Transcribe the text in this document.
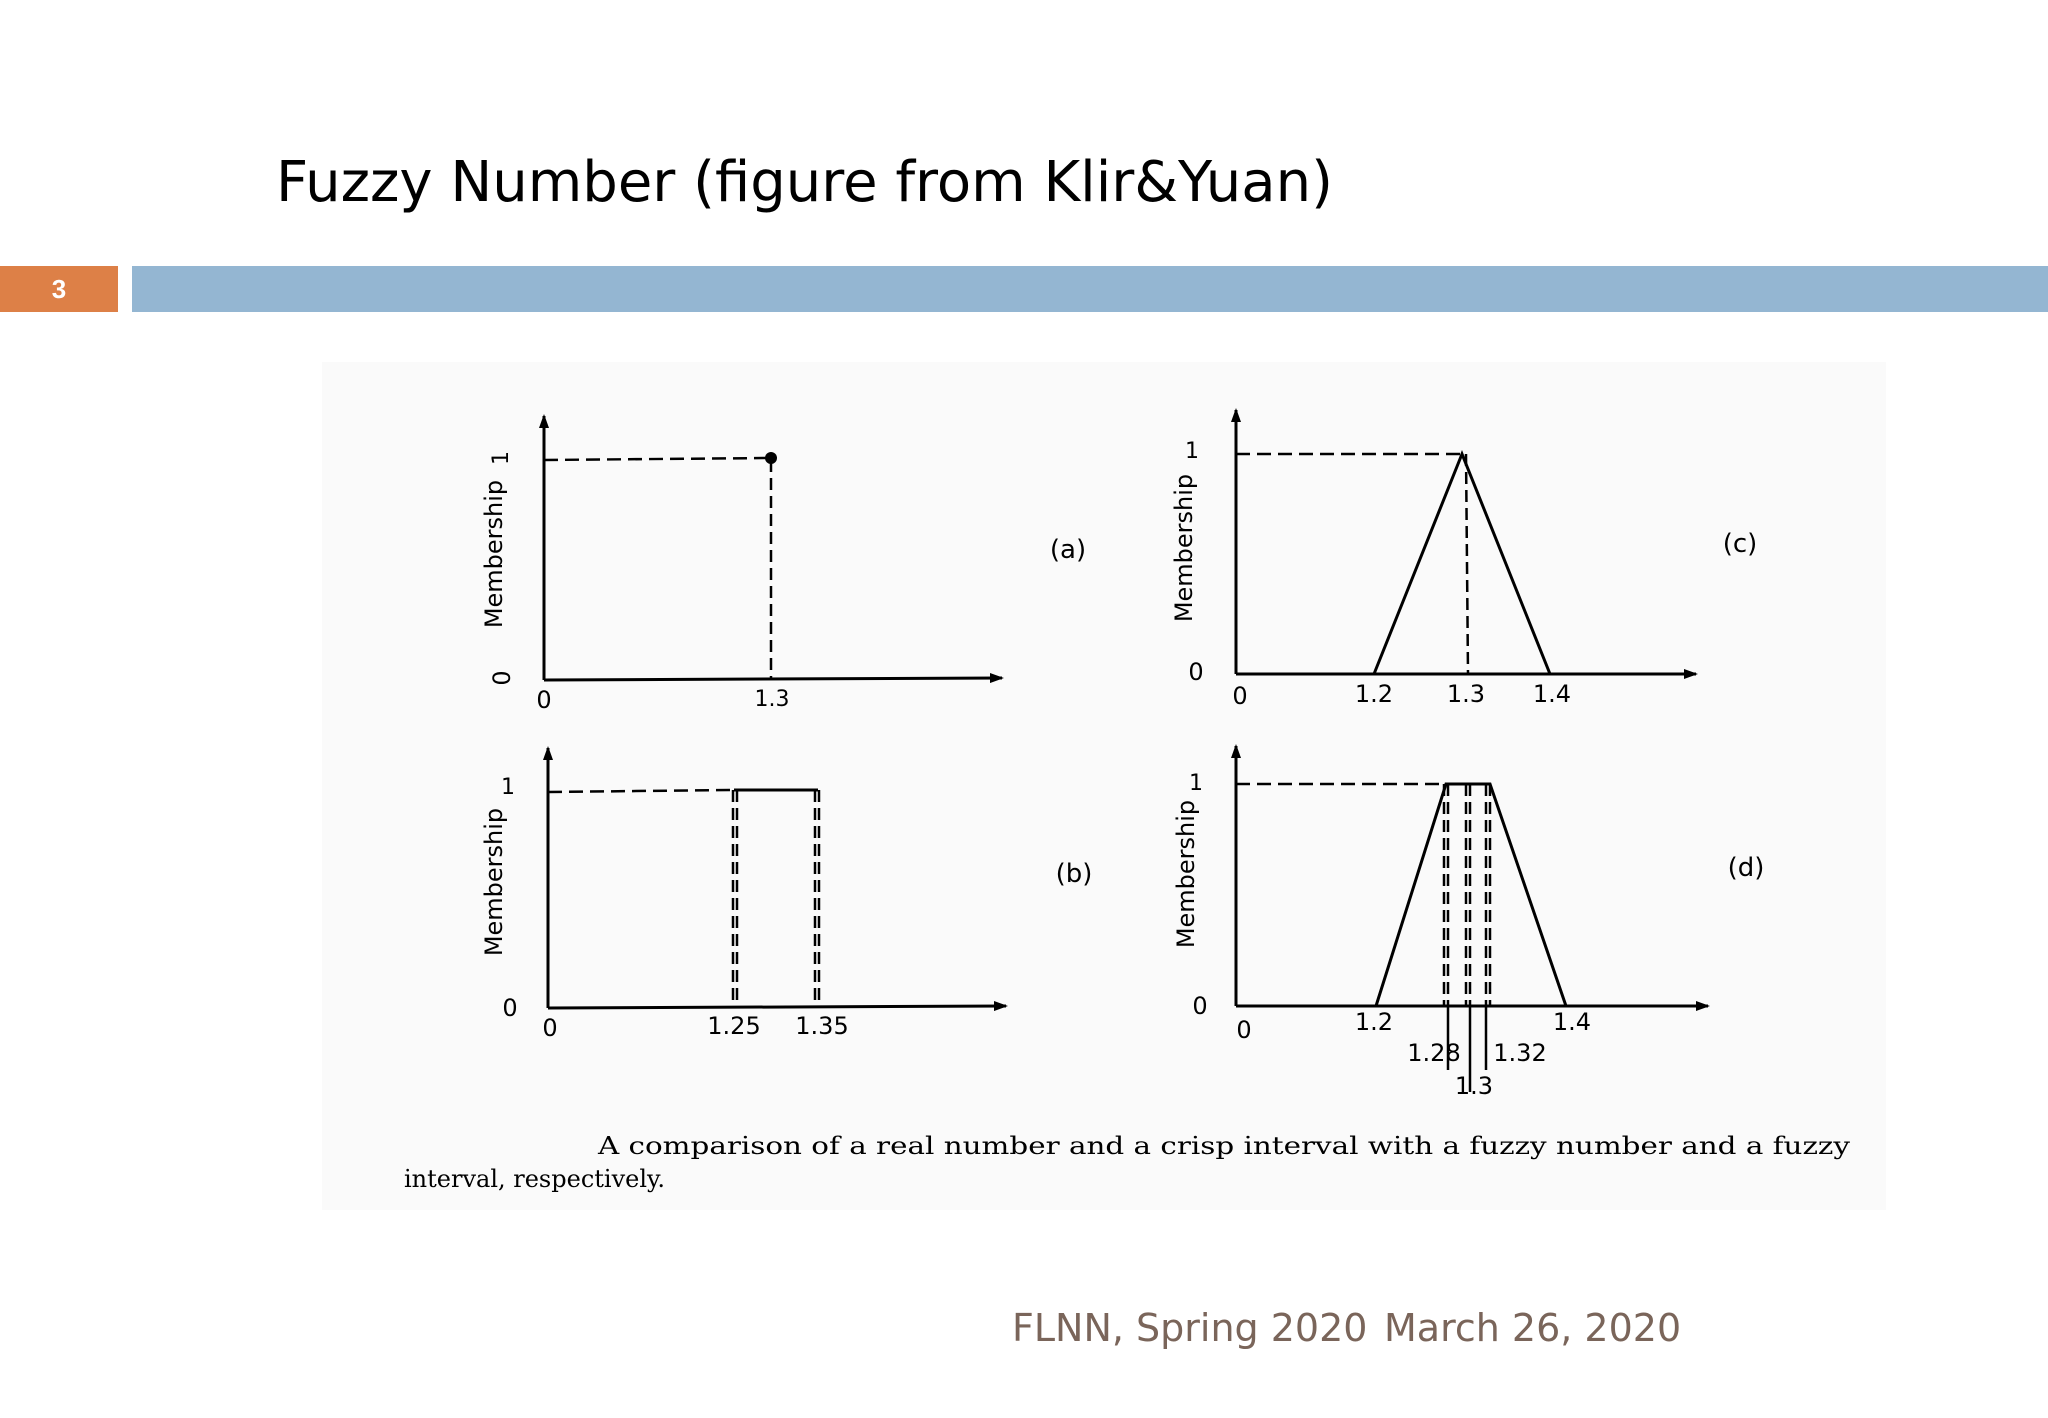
Fuzzy Number (figure from Klir&Yuan)
3
Membership
1
0
0	1.3
(a)
Membership
1
0
0	1.25 1.35
(b)
Membership
1
0
0	1.2 1.3 1.4
(c)
Membership
1
0
0	1.2
1.28 1.32
1.4
1.3
(d)
A comparison of a real number and a crisp interval with a fuzzy number and a fuzzy
interval, respectively.
FLNN, Spring 2020 March 26, 2020
